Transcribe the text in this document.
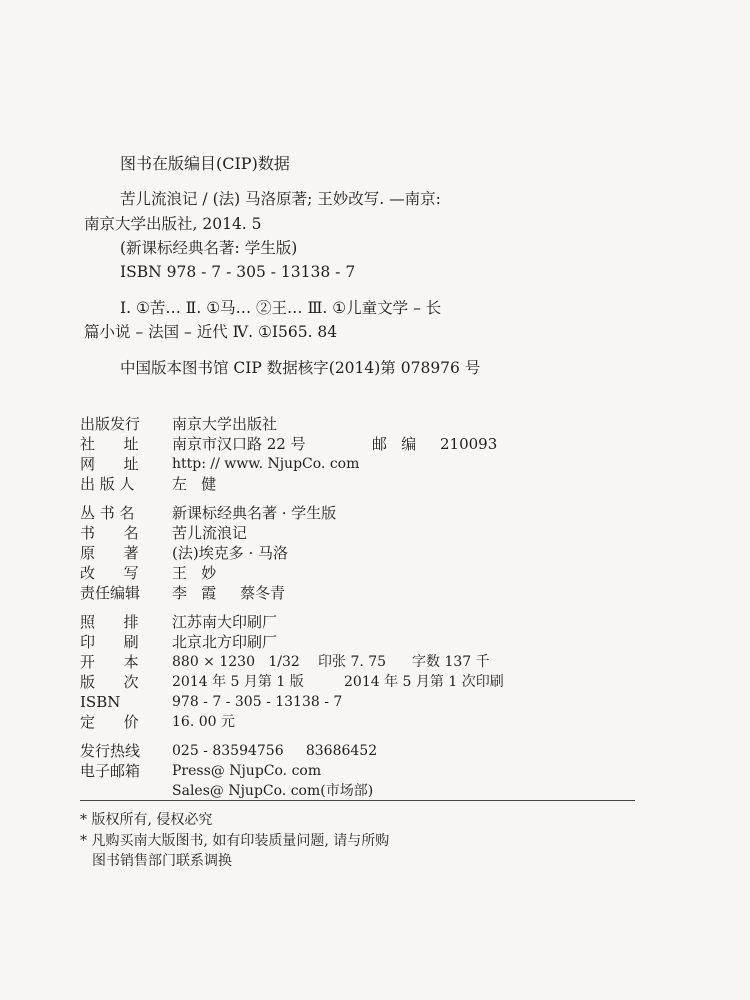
图书在版编目(CIP)数据
苦儿流浪记 / (法) 马洛原著; 王妙改写. —南京:
南京大学出版社, 2014. 5
(新课标经典名著: 学生版)
ISBN 978 - 7 - 305 - 13138 - 7
Ⅰ. ①苦… Ⅱ. ①马… ②王… Ⅲ. ①儿童文学 – 长
篇小说 – 法国 – 近代 Ⅳ. ①I565. 84
中国版本图书馆 CIP 数据核字(2014)第 078976 号
出版发行 南京大学出版社
社      址 南京市汉口路 22 号	邮   编 210093
网      址 http: // www. NjupCo. com
出 版 人 左   健
丛 书 名 新课标经典名著 · 学生版
书      名 苦儿流浪记
原      著 (法)埃克多 · 马洛
改      写 王   妙
责任编辑 李   霞     蔡冬青
照      排 江苏南大印刷厂
印      刷 北京北方印刷厂
开      本 880 × 1230   1/32 印张 7. 75 字数 137 千
版      次 2014 年 5 月第 1 版	2014 年 5 月第 1 次印刷
ISBN	978 - 7 - 305 - 13138 - 7
定      价 16. 00 元
发行热线 025 - 83594756     83686452
电子邮箱 Press@ NjupCo. com
Sales@ NjupCo. com(市场部)
* 版权所有, 侵权必究
* 凡购买南大版图书, 如有印装质量问题, 请与所购
图书销售部门联系调换
